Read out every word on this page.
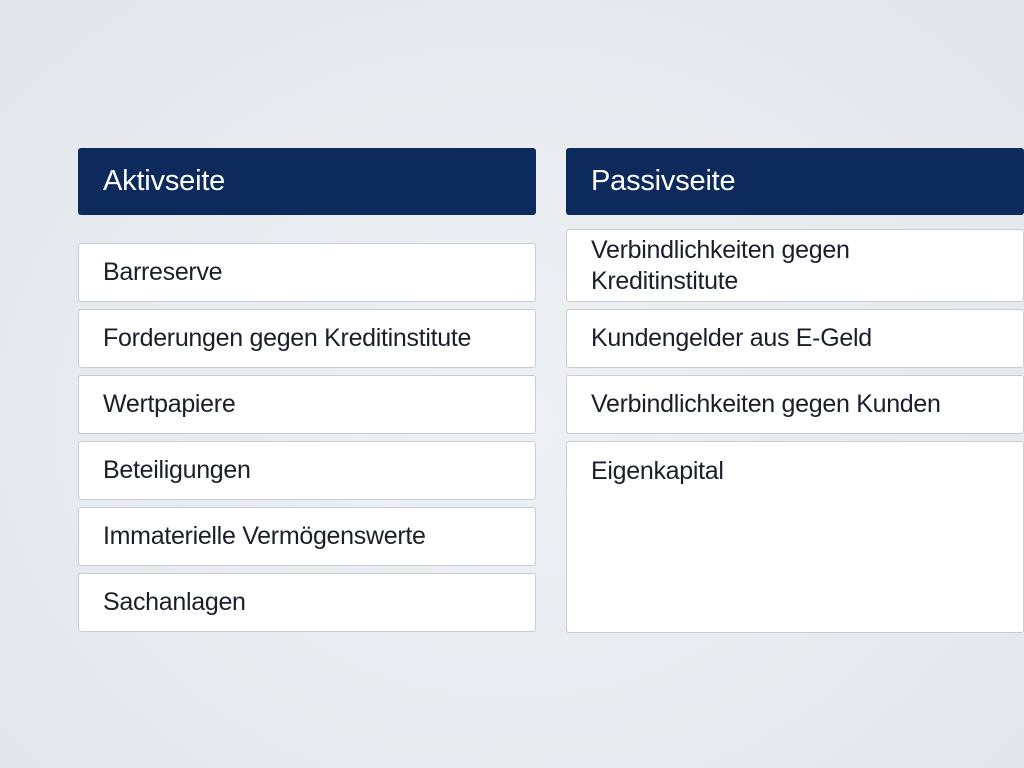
Aktivseite
Barreserve
Forderungen gegen Kreditinstitute
Wertpapiere
Beteiligungen
Immaterielle Vermögenswerte
Sachanlagen
Passivseite
Verbindlichkeiten gegen Kreditinstitute
Kundengelder aus E-Geld
Verbindlichkeiten gegen Kunden
Eigenkapital
